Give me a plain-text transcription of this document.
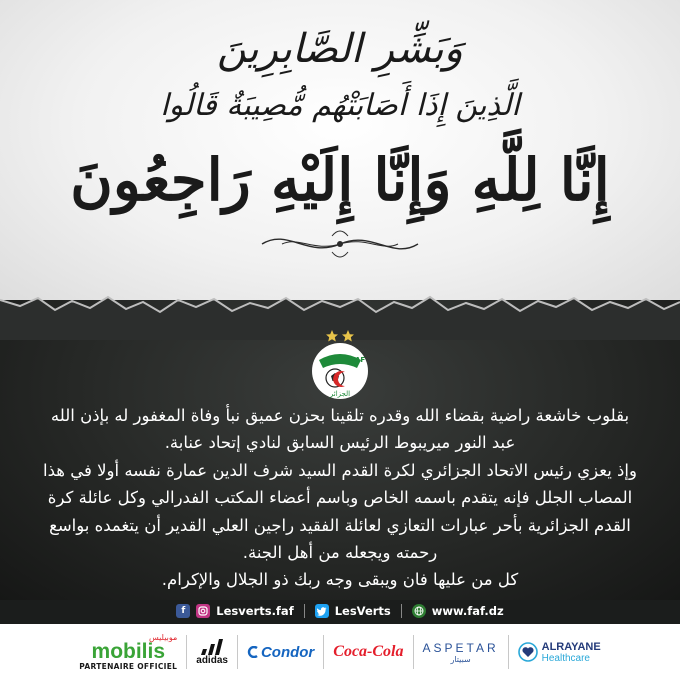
وَبَشِّرِ الصَّابِرِينَ
الَّذِينَ إِذَا أَصَابَتْهُم مُّصِيبَةٌ قَالُوا
إِنَّا لِلَّهِ وَإِنَّا إِلَيْهِ رَاجِعُونَ
FAF
الجزائر

بقلوب خاشعة راضية بقضاء الله وقدره تلقينا بحزن عميق نبأ وفاة المغفور له بإذن الله عبد النور ميريبوط الرئيس السابق لنادي إتحاد عنابة.

وإذ يعزي رئيس الاتحاد الجزائري لكرة القدم السيد شرف الدين عمارة نفسه أولا في هذا المصاب الجلل فإنه يتقدم باسمه الخاص وباسم أعضاء المكتب الفدرالي وكل عائلة كرة القدم الجزائرية بأحر عبارات التعازي لعائلة الفقيد راجين العلي القدير أن يتغمده بواسع رحمته ويجعله من أهل الجنة.

كل من عليها فان ويبقى وجه ربك ذو الجلال والإكرام.

f	Lesverts.faf	LesVerts	www.faf.dz
موبيليس
mobilis
PARTENAIRE OFFICIEL
adidas Condor Coca-Cola ASPETAR
سبيتار
ALRAYANE
Healthcare
